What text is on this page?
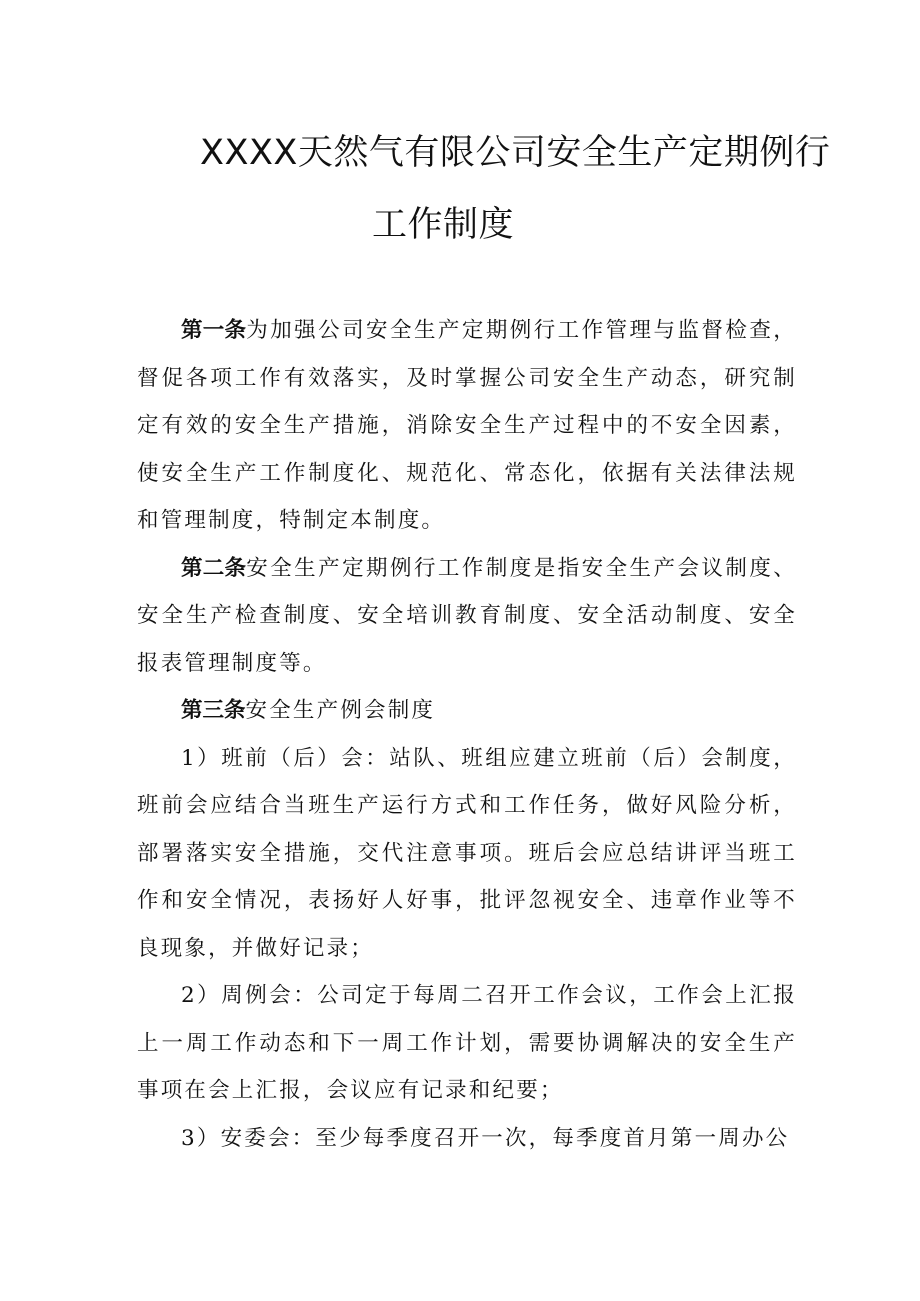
XXXX天然气有限公司安全生产定期例行
工作制度

第一条为加强公司安全生产定期例行工作管理与监督检查，督促各项工作有效落实，及时掌握公司安全生产动态，研究制定有效的安全生产措施，消除安全生产过程中的不安全因素，使安全生产工作制度化、规范化、常态化，依据有关法律法规和管理制度，特制定本制度。

第二条安全生产定期例行工作制度是指安全生产会议制度、安全生产检查制度、安全培训教育制度、安全活动制度、安全报表管理制度等。

第三条安全生产例会制度

1）班前（后）会：站队、班组应建立班前（后）会制度，班前会应结合当班生产运行方式和工作任务，做好风险分析，部署落实安全措施，交代注意事项。班后会应总结讲评当班工作和安全情况，表扬好人好事，批评忽视安全、违章作业等不良现象，并做好记录；

2）周例会：公司定于每周二召开工作会议，工作会上汇报上一周工作动态和下一周工作计划，需要协调解决的安全生产事项在会上汇报，会议应有记录和纪要；

3）安委会：至少每季度召开一次，每季度首月第一周办公
